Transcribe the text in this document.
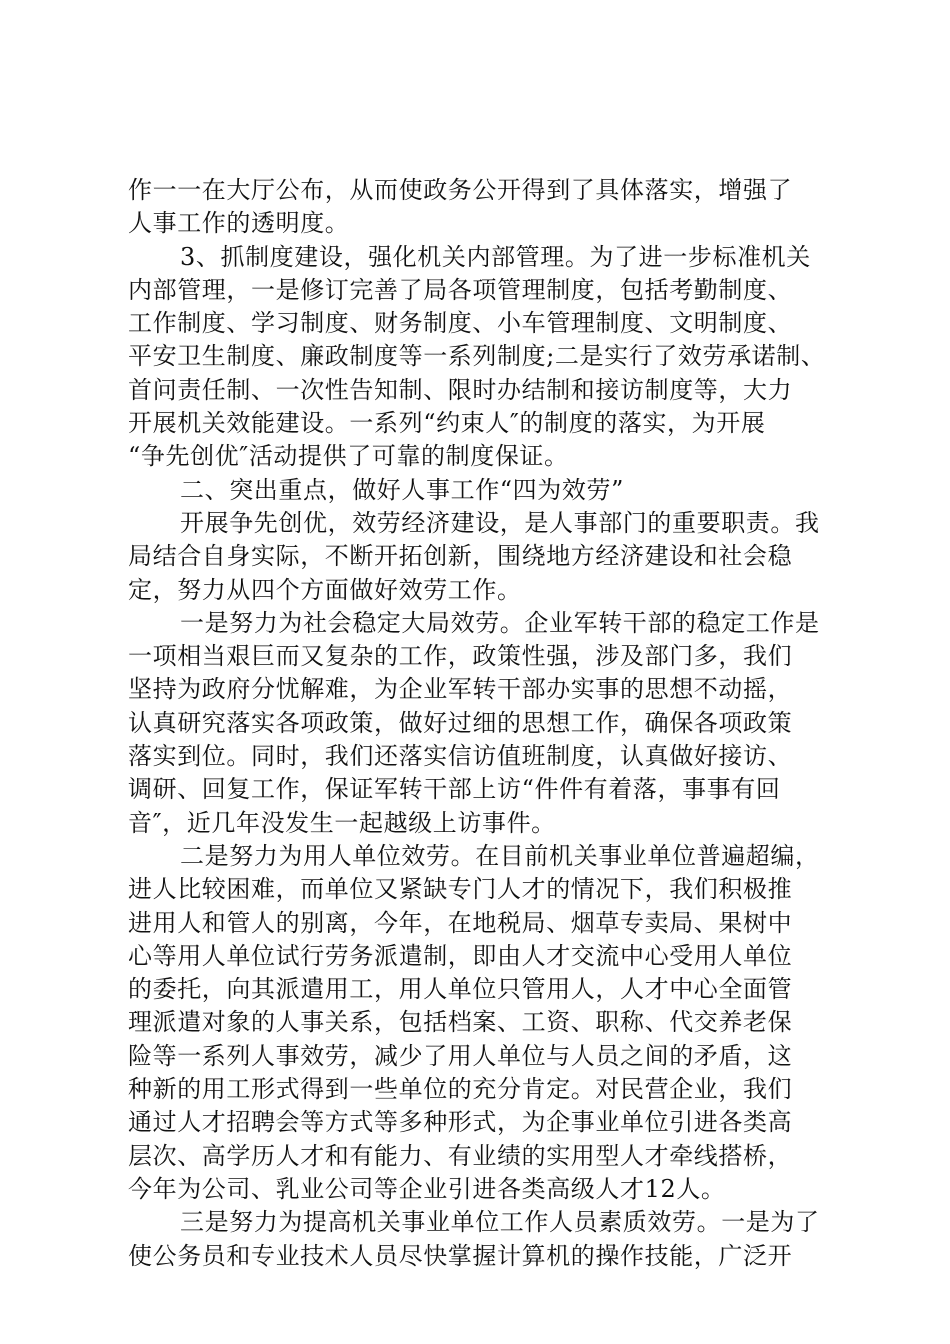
作一一在大厅公布，从而使政务公开得到了具体落实，增强了
人事工作的透明度。
3、抓制度建设，强化机关内部管理。为了进一步标准机关
内部管理，一是修订完善了局各项管理制度，包括考勤制度、
工作制度、学习制度、财务制度、小车管理制度、文明制度、
平安卫生制度、廉政制度等一系列制度;二是实行了效劳承诺制、
首问责任制、一次性告知制、限时办结制和接访制度等，大力
开展机关效能建设。一系列“约束人″的制度的落实，为开展
“争先创优″活动提供了可靠的制度保证。
二、突出重点，做好人事工作“四为效劳”
开展争先创优，效劳经济建设，是人事部门的重要职责。我
局结合自身实际，不断开拓创新，围绕地方经济建设和社会稳
定，努力从四个方面做好效劳工作。
一是努力为社会稳定大局效劳。企业军转干部的稳定工作是
一项相当艰巨而又复杂的工作，政策性强，涉及部门多，我们
坚持为政府分忧解难，为企业军转干部办实事的思想不动摇，
认真研究落实各项政策，做好过细的思想工作，确保各项政策
落实到位。同时，我们还落实信访值班制度，认真做好接访、
调研、回复工作，保证军转干部上访“件件有着落，事事有回
音″，近几年没发生一起越级上访事件。
二是努力为用人单位效劳。在目前机关事业单位普遍超编，
进人比较困难，而单位又紧缺专门人才的情况下，我们积极推
进用人和管人的别离，今年，在地税局、烟草专卖局、果树中
心等用人单位试行劳务派遣制，即由人才交流中心受用人单位
的委托，向其派遣用工，用人单位只管用人，人才中心全面管
理派遣对象的人事关系，包括档案、工资、职称、代交养老保
险等一系列人事效劳，减少了用人单位与人员之间的矛盾，这
种新的用工形式得到一些单位的充分肯定。对民营企业，我们
通过人才招聘会等方式等多种形式，为企事业单位引进各类高
层次、高学历人才和有能力、有业绩的实用型人才牵线搭桥，
今年为公司、乳业公司等企业引进各类高级人才12人。
三是努力为提高机关事业单位工作人员素质效劳。一是为了
使公务员和专业技术人员尽快掌握计算机的操作技能，广泛开
